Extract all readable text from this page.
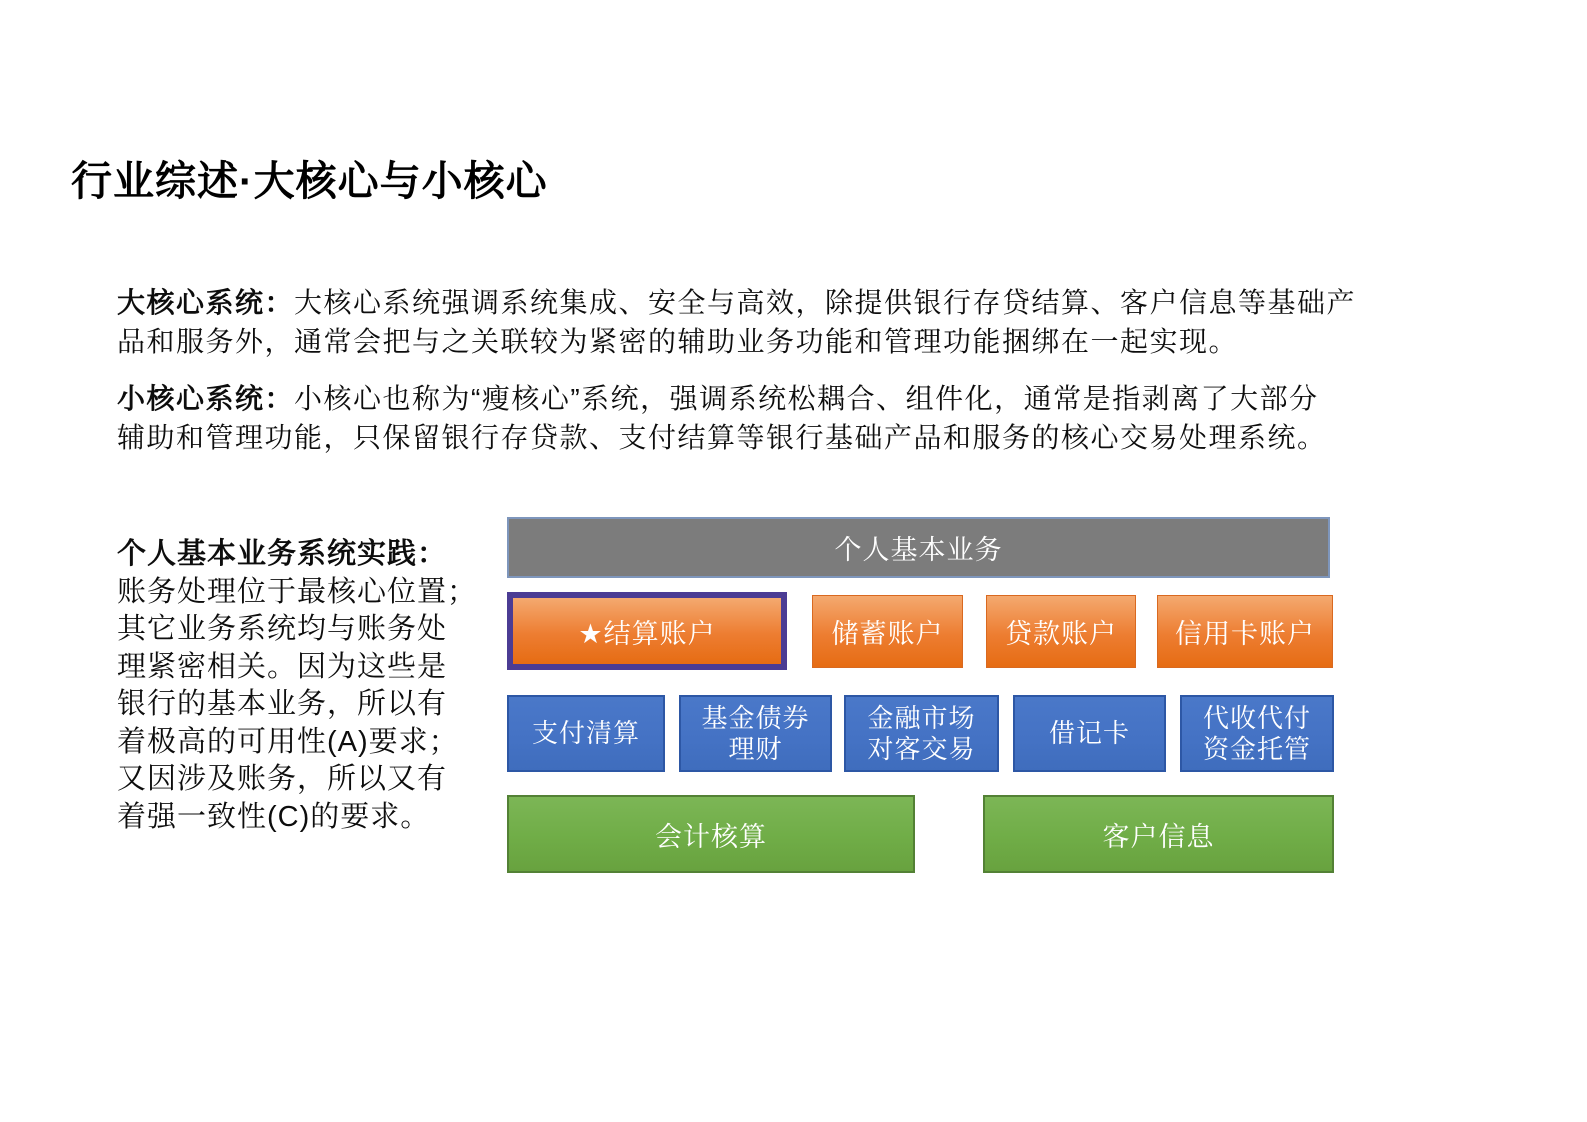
行业综述·大核心与小核心
大核心系统：大核心系统强调系统集成、安全与高效，除提供银行存贷结算、客户信息等基础产
品和服务外，通常会把与之关联较为紧密的辅助业务功能和管理功能捆绑在一起实现。
小核心系统：小核心也称为“瘦核心”系统，强调系统松耦合、组件化，通常是指剥离了大部分
辅助和管理功能，只保留银行存贷款、支付结算等银行基础产品和服务的核心交易处理系统。
个人基本业务系统实践：
账务处理位于最核心位置；
其它业务系统均与账务处
理紧密相关。因为这些是
银行的基本业务，所以有
着极高的可用性(A)要求；
又因涉及账务，所以又有
着强一致性(C)的要求。
个人基本业务
★结算账户	储蓄账户 贷款账户 信用卡账户
支付清算
基金债券
理财
金融市场
对客交易
借记卡
代收代付
资金托管
会计核算	客户信息
